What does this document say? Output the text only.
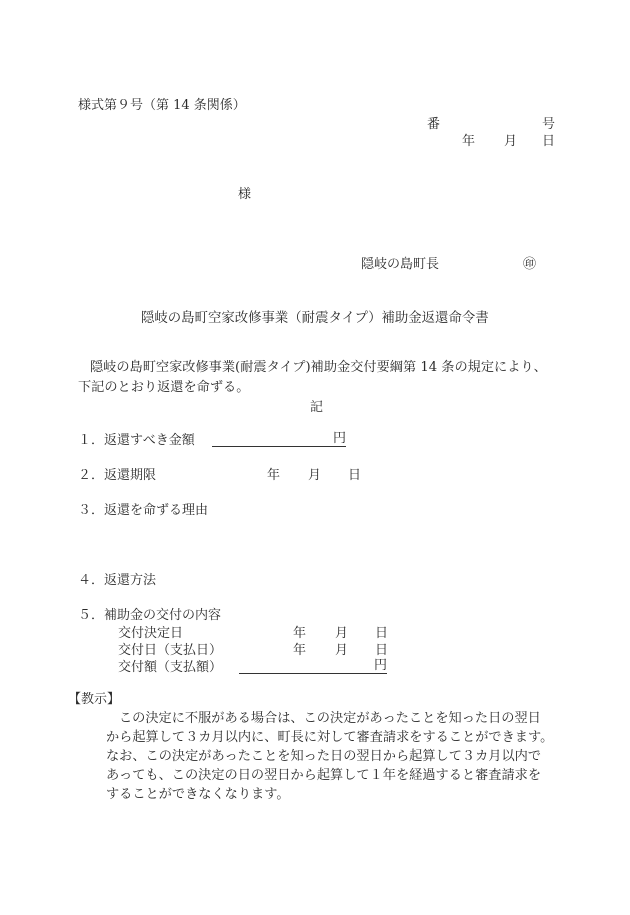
様式第９号（第 14 条関係）
番	号
年 月 日
様
隠岐の島町長	㊞
隠岐の島町空家改修事業（耐震タイプ）補助金返還命令書
隠岐の島町空家改修事業(耐震タイプ)補助金交付要綱第 14 条の規定により、
下記のとおり返還を命ずる。
記
１． 返還すべき金額	円
２． 返還期限	年 月 日
３． 返還を命ずる理由
４． 返還方法
５． 補助金の交付の内容
交付決定日	年 月 日
交付日（支払日）	年 月 日
交付額（支払額）	円
【教示】
この決定に不服がある場合は、この決定があったことを知った日の翌日
から起算して３カ月以内に、町長に対して審査請求をすることができます。
なお、この決定があったことを知った日の翌日から起算して３カ月以内で
あっても、この決定の日の翌日から起算して１年を経過すると審査請求を
することができなくなります。
